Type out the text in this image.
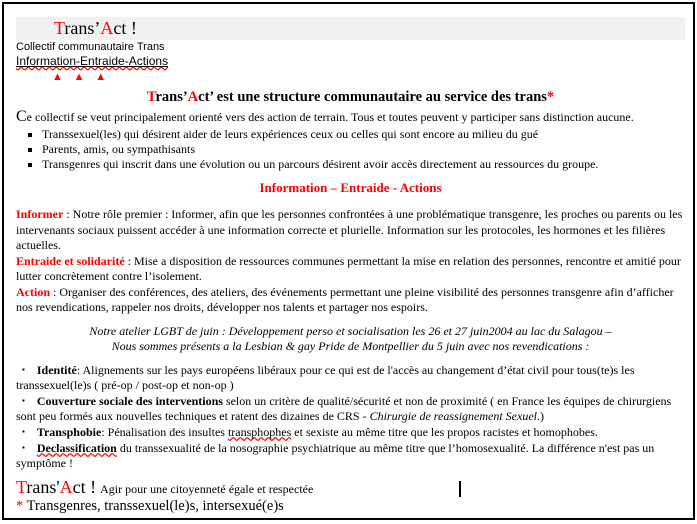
Trans’Act !
Collectif communautaire Trans
Information-Entraide-Actions
▲ ▲ ▲
Trans’Act’ est une structure communautaire au service des trans*

Ce collectif se veut principalement orienté vers des action de terrain. Tous et toutes peuvent y participer sans distinction aucune.

▪ Transsexuel(les) qui désirent aider de leurs expériences ceux ou celles qui sont encore au milieu du gué
▪ Parents, amis, ou sympathisants
▪ Transgenres qui inscrit dans une évolution ou un parcours désirent avoir accès directement au ressources du groupe.
Information – Entraide - Actions

Informer : Notre rôle premier : Informer, afin que les personnes confrontées à une problématique transgenre, les proches ou parents ou les intervenants sociaux puissent accéder à une information correcte et plurielle. Information sur les protocoles, les hormones et les filières actuelles.

Entraide et solidarité : Mise a disposition de ressources communes permettant la mise en relation des personnes, rencontre et amitié pour lutter concrètement contre l’isolement.

Action : Organiser des conférences, des ateliers, des événements permettant une pleine visibilité des personnes transgenre afin d’afficher nos revendications, rappeler nos droits, développer nos talents et partager nos espoirs.

Notre atelier LGBT de juin : Développement perso et socialisation les 26 et 27 juin2004 au lac du Salagou –
Nous sommes présents a la Lesbian & gay Pride de Montpellier du 5 juin avec nos revendications :

▪ Identité: Alignements sur les pays européens libéraux pour ce qui est de l'accès au changement d’état civil pour tous(te)s les transsexuel(le)s ( pré-op / post-op et non-op )

▪ Couverture sociale des interventions selon un critère de qualité/sécurité et non de proximité ( en France les équipes de chirurgiens sont peu formés aux nouvelles techniques et ratent des dizaines de CRS - Chirurgie de reassignement Sexuel.)

▪ Transphobie: Pénalisation des insultes transphophes et sexiste au même titre que les propos racistes et homophobes.

▪ Declassification du transsexualité de la nosographie psychiatrique au même titre que l’homosexualité. La différence n'est pas un symptôme !

Trans'Act ! Agir pour une citoyenneté égale et respectée
* Transgenres, transsexuel(le)s, intersexué(e)s
